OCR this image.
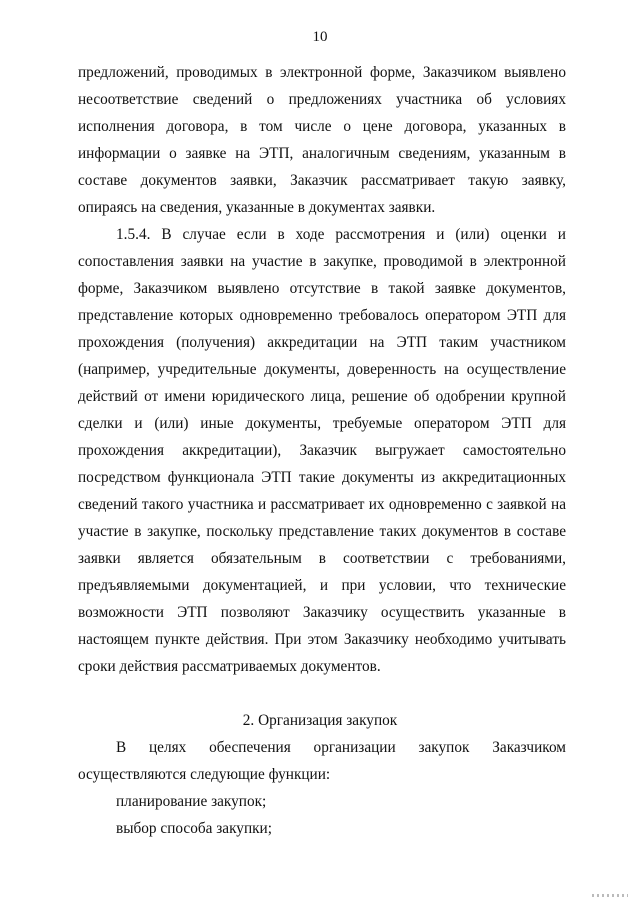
10
предложений, проводимых в электронной форме, Заказчиком выявлено
несоответствие сведений о предложениях участника об условиях
исполнения договора, в том числе о цене договора, указанных в
информации о заявке на ЭТП, аналогичным сведениям, указанным в
составе документов заявки, Заказчик рассматривает такую заявку,
опираясь на сведения, указанные в документах заявки.
1.5.4. В случае если в ходе рассмотрения и (или) оценки и
сопоставления заявки на участие в закупке, проводимой в электронной
форме, Заказчиком выявлено отсутствие в такой заявке документов,
представление которых одновременно требовалось оператором ЭТП для
прохождения (получения) аккредитации на ЭТП таким участником
(например, учредительные документы, доверенность на осуществление
действий от имени юридического лица, решение об одобрении крупной
сделки и (или) иные документы, требуемые оператором ЭТП для
прохождения аккредитации), Заказчик выгружает самостоятельно
посредством функционала ЭТП такие документы из аккредитационных
сведений такого участника и рассматривает их одновременно с заявкой на
участие в закупке, поскольку представление таких документов в составе
заявки является обязательным в соответствии с требованиями,
предъявляемыми документацией, и при условии, что технические
возможности ЭТП позволяют Заказчику осуществить указанные в
настоящем пункте действия. При этом Заказчику необходимо учитывать
сроки действия рассматриваемых документов.
2. Организация закупок
В целях обеспечения организации закупок Заказчиком
осуществляются следующие функции:
планирование закупок;
выбор способа закупки;
